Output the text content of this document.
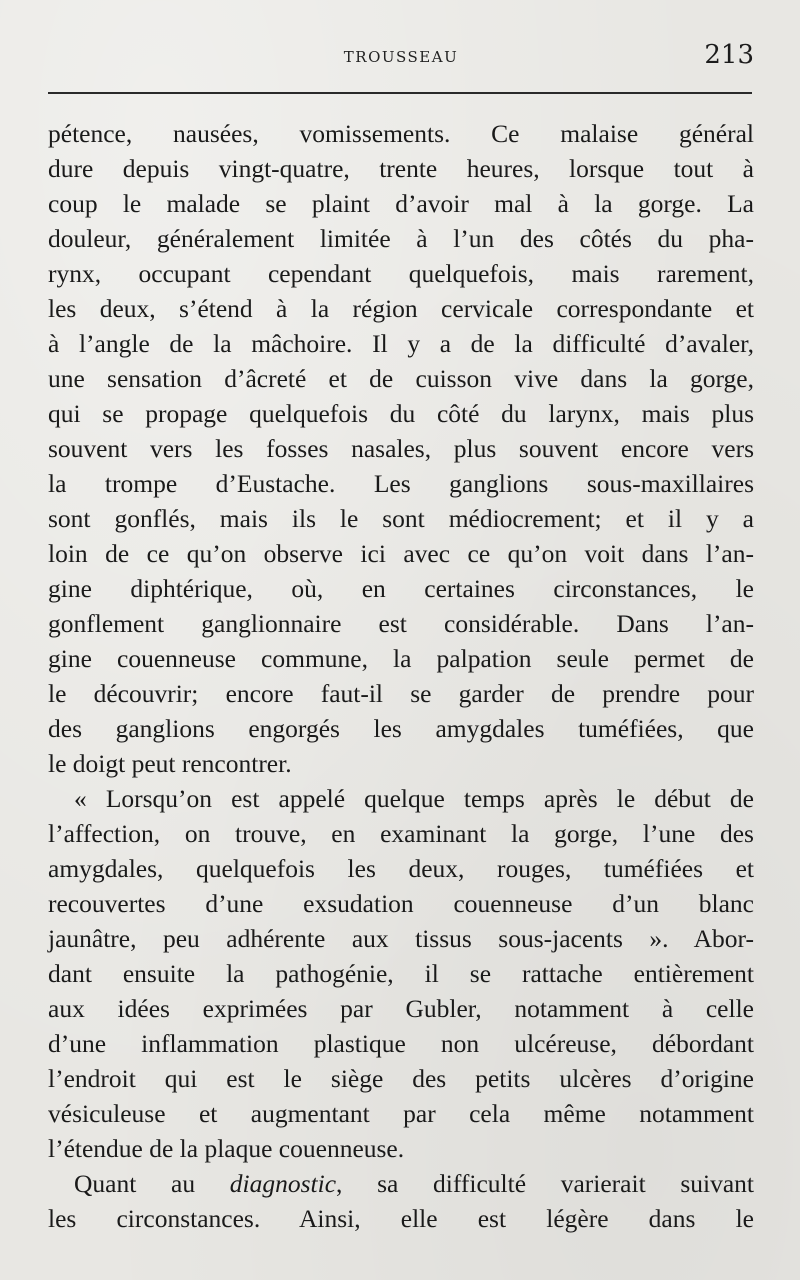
TROUSSEAU	213
pétence, nausées, vomissements. Ce malaise général
dure depuis vingt-quatre, trente heures, lorsque tout à
coup le malade se plaint d’avoir mal à la gorge. La
douleur, généralement limitée à l’un des côtés du pha-
rynx, occupant cependant quelquefois, mais rarement,
les deux, s’étend à la région cervicale correspondante et
à l’angle de la mâchoire. Il y a de la difficulté d’avaler,
une sensation d’âcreté et de cuisson vive dans la gorge,
qui se propage quelquefois du côté du larynx, mais plus
souvent vers les fosses nasales, plus souvent encore vers
la trompe d’Eustache. Les ganglions sous-maxillaires
sont gonflés, mais ils le sont médiocrement; et il y a
loin de ce qu’on observe ici avec ce qu’on voit dans l’an-
gine diphtérique, où, en certaines circonstances, le
gonflement ganglionnaire est considérable. Dans l’an-
gine couenneuse commune, la palpation seule permet de
le découvrir; encore faut-il se garder de prendre pour
des ganglions engorgés les amygdales tuméfiées, que
le doigt peut rencontrer.
« Lorsqu’on est appelé quelque temps après le début de
l’affection, on trouve, en examinant la gorge, l’une des
amygdales, quelquefois les deux, rouges, tuméfiées et
recouvertes d’une exsudation couenneuse d’un blanc
jaunâtre, peu adhérente aux tissus sous-jacents ». Abor-
dant ensuite la pathogénie, il se rattache entièrement
aux idées exprimées par Gubler, notamment à celle
d’une inflammation plastique non ulcéreuse, débordant
l’endroit qui est le siège des petits ulcères d’origine
vésiculeuse et augmentant par cela même notamment
l’étendue de la plaque couenneuse.
Quant au diagnostic, sa difficulté varierait suivant
les circonstances. Ainsi, elle est légère dans le
